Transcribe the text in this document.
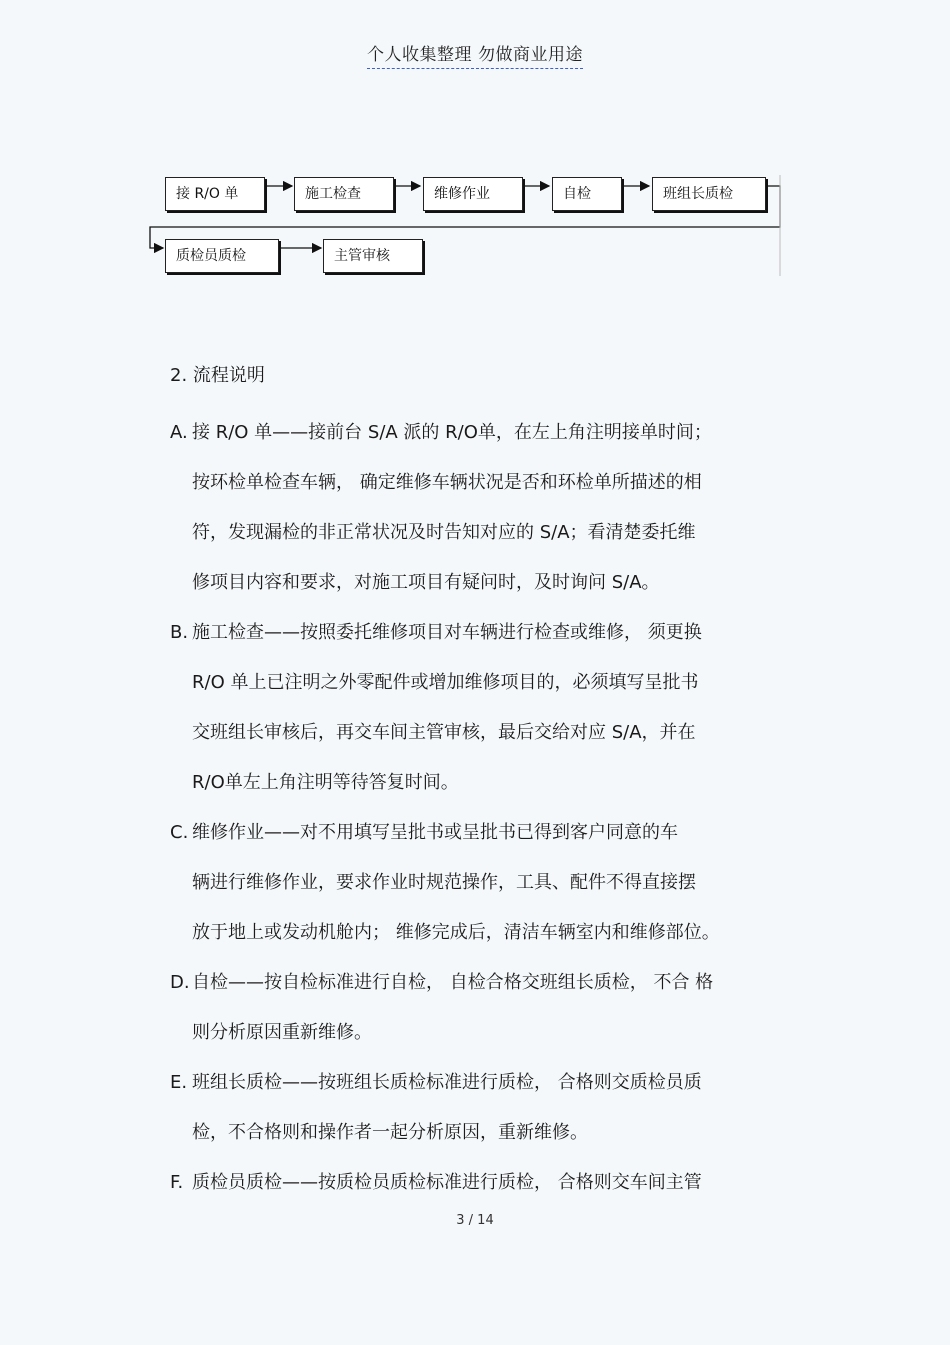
个人收集整理 勿做商业用途
接 R/O 单	施工检查	维修作业	自检	班组长质检
质检员质检	主管审核
2. 流程说明
A. 接 R/O 单——接前台 S/A 派的 R/O单，在左上角注明接单时间；
按环检单检查车辆， 确定维修车辆状况是否和环检单所描述的相
符，发现漏检的非正常状况及时告知对应的 S/A；看清楚委托维
修项目内容和要求，对施工项目有疑问时，及时询问 S/A。
B. 施工检查——按照委托维修项目对车辆进行检查或维修， 须更换
R/O 单上已注明之外零配件或增加维修项目的，必须填写呈批书
交班组长审核后，再交车间主管审核，最后交给对应 S/A，并在
R/O单左上角注明等待答复时间。
C. 维修作业——对不用填写呈批书或呈批书已得到客户同意的车
辆进行维修作业，要求作业时规范操作，工具、配件不得直接摆
放于地上或发动机舱内； 维修完成后，清洁车辆室内和维修部位。
D. 自检——按自检标准进行自检， 自检合格交班组长质检， 不合 格
则分析原因重新维修。
E. 班组长质检——按班组长质检标准进行质检， 合格则交质检员质
检，不合格则和操作者一起分析原因，重新维修。
F. 质检员质检——按质检员质检标准进行质检， 合格则交车间主管
3 / 14
